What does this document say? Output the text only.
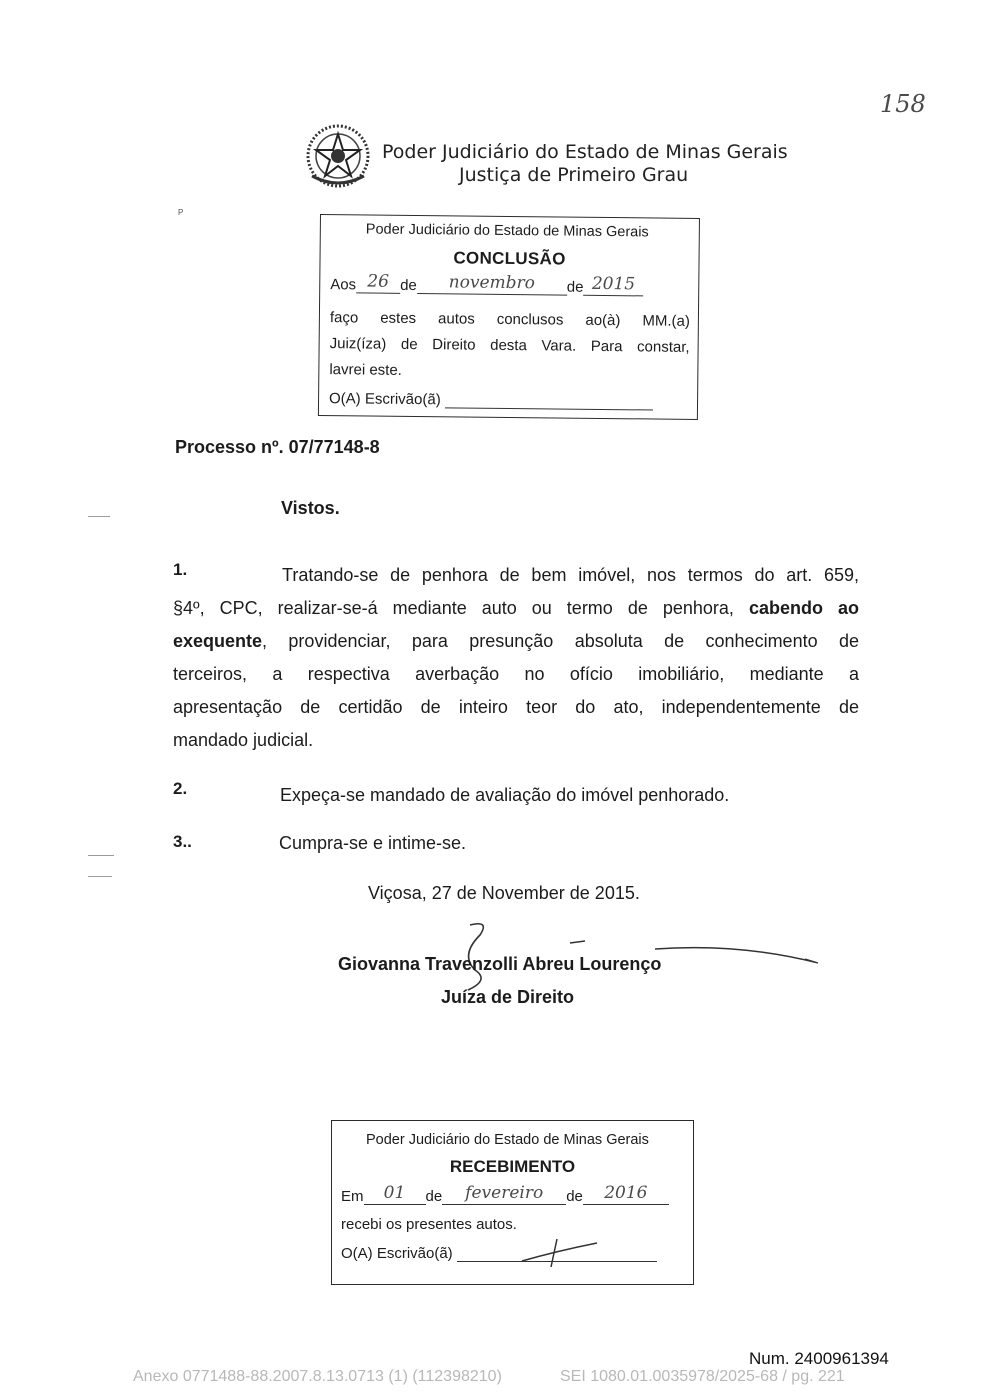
158
Poder Judiciário do Estado de Minas Gerais
Justiça de Primeiro Grau
P
Poder Judiciário do Estado de Minas Gerais
CONCLUSÃO
Aos 26 de novembro de 2015
faço estes autos conclusos ao(à) MM.(a)
Juiz(íza) de Direito desta Vara. Para constar,
lavrei este.
O(A) Escrivão(ã)
Processo nº. 07/77148-8
Vistos.
1.	Tratando-se de penhora de bem imóvel, nos termos do art. 659,
§4º, CPC, realizar-se-á mediante auto ou termo de penhora, cabendo ao
exequente, providenciar, para presunção absoluta de conhecimento de
terceiros, a respectiva averbação no ofício imobiliário, mediante a
apresentação de certidão de inteiro teor do ato, independentemente de
mandado judicial.
2.	Expeça-se mandado de avaliação do imóvel penhorado.
3..	Cumpra-se e intime-se.
Viçosa, 27 de November de 2015.
Giovanna Travenzolli Abreu Lourenço
Juíza de Direito
Poder Judiciário do Estado de Minas Gerais
RECEBIMENTO
Em 01 de fevereiro de 2016
recebi os presentes autos.
O(A) Escrivão(ã)
Num. 2400961394
Anexo 0771488-88.2007.8.13.0713 (1) (112398210)	SEI 1080.01.0035978/2025-68 / pg. 221
